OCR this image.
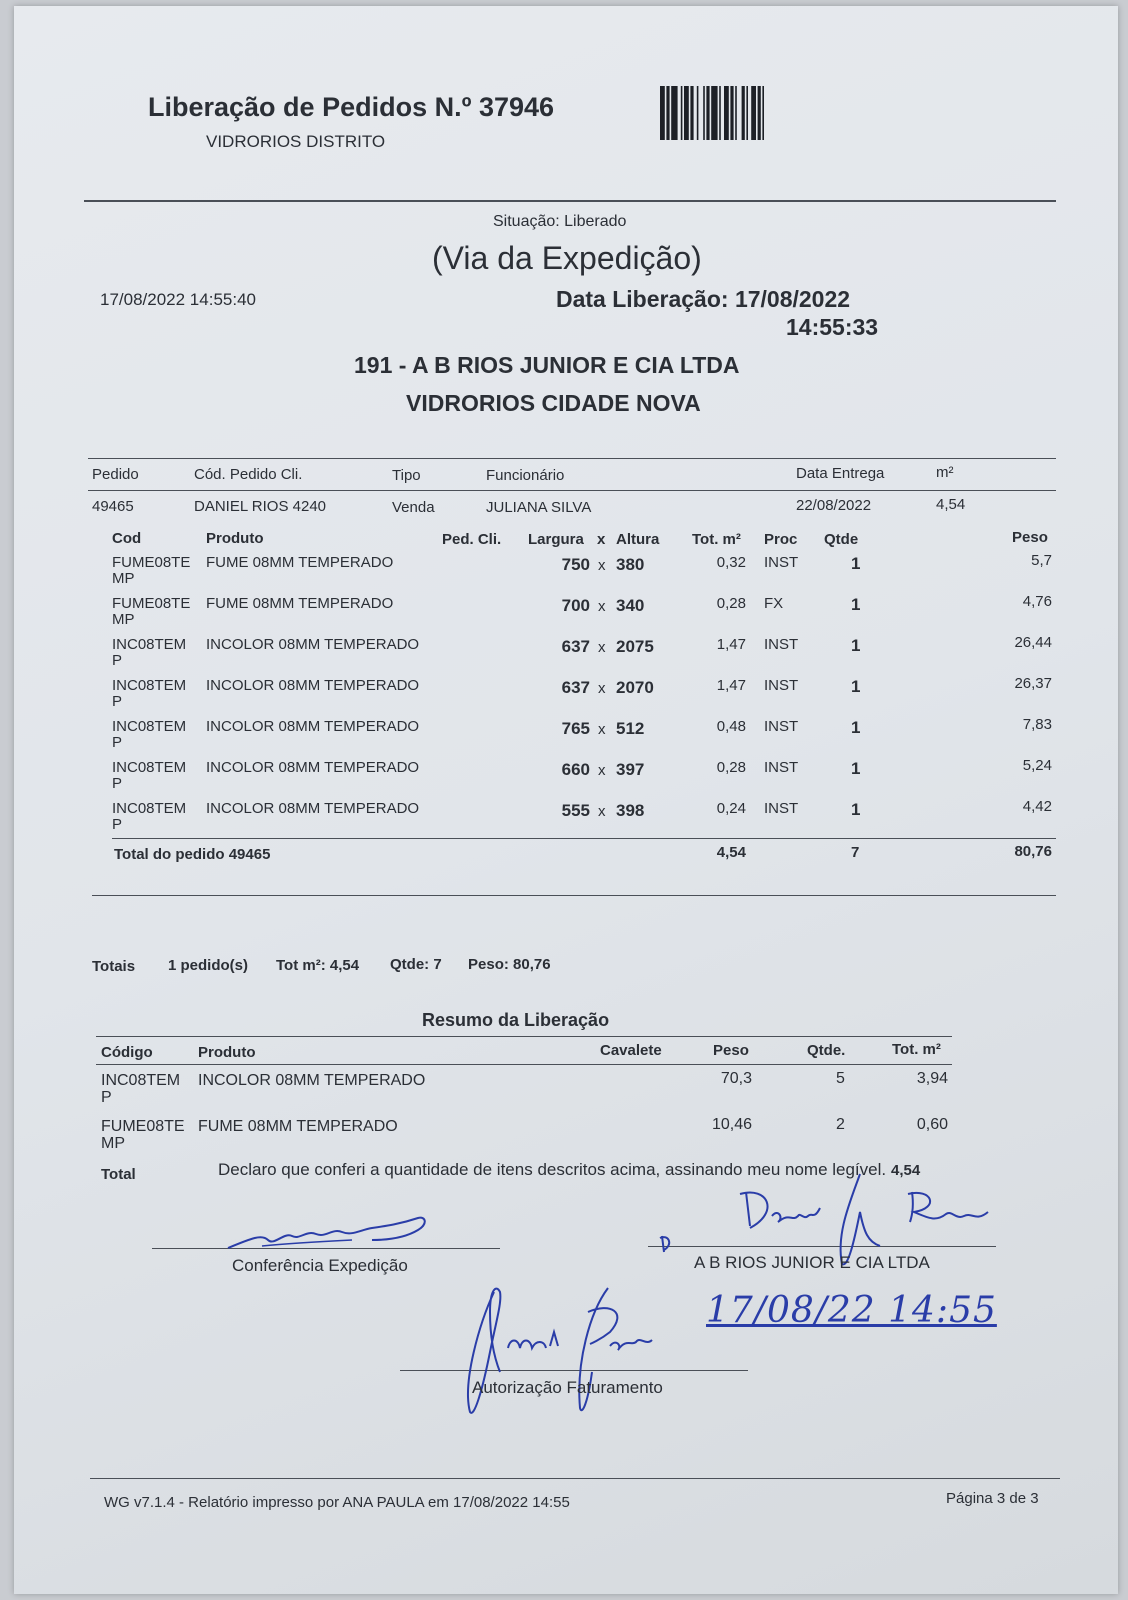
Liberação de Pedidos N.º 37946
VIDRORIOS DISTRITO
Situação: Liberado
(Via da Expedição)
17/08/2022 14:55:40	Data Liberação: 17/08/2022
14:55:33
191 - A B RIOS JUNIOR E CIA LTDA
VIDRORIOS CIDADE NOVA
Pedido	Cód. Pedido Cli.	Tipo	Funcionário	Data Entrega	m²
49465	DANIEL RIOS 4240	Venda	JULIANA SILVA	22/08/2022	4,54
Cod	Produto	Ped. Cli. Largura x Altura Tot. m² Proc Qtde	Peso
FUME08TE
MP
FUME 08MM TEMPERADO	750 x 380	0,32 INST	1	5,7
FUME08TE
MP
FUME 08MM TEMPERADO	700 x 340	0,28 FX	1	4,76
INC08TEM
P
INCOLOR 08MM TEMPERADO	637 x 2075	1,47 INST	1	26,44
INC08TEM
P
INCOLOR 08MM TEMPERADO	637 x 2070	1,47 INST	1	26,37
INC08TEM
P
INCOLOR 08MM TEMPERADO	765 x 512	0,48 INST	1	7,83
INC08TEM
P
INCOLOR 08MM TEMPERADO	660 x 397	0,28 INST	1	5,24
INC08TEM
P
INCOLOR 08MM TEMPERADO	555 x 398	0,24 INST	1	4,42
Total do pedido 49465	4,54	7	80,76
Totais 1 pedido(s) Tot m²: 4,54 Qtde: 7 Peso: 80,76
Resumo da Liberação
Código	Produto	Cavalete	Peso	Qtde.	Tot. m²
INC08TEM
P
INCOLOR 08MM TEMPERADO	70,3	5	3,94
FUME08TE
MP
FUME 08MM TEMPERADO	10,46	2	0,60
Total	Declaro que conferi a quantidade de itens descritos acima, assinando meu nome legível. 4,54
Conferência Expedição	A B RIOS JUNIOR E CIA LTDA
17/08/22 14:55
Autorização Faturamento
WG v7.1.4 - Relatório impresso por ANA PAULA em 17/08/2022 14:55	Página 3 de 3
